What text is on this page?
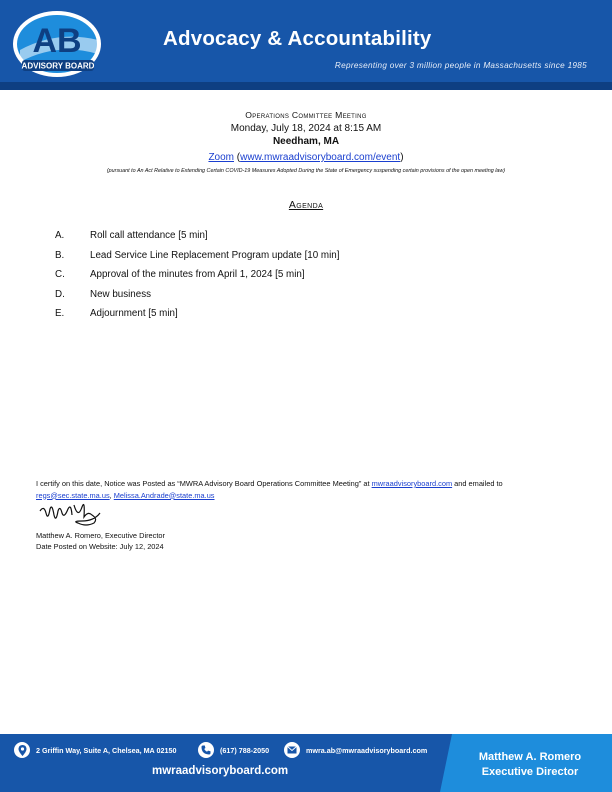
AB
ADVISORY BOARD
Advocacy & Accountability
Representing over 3 million people in Massachusetts since 1985
Operations Committee Meeting
Monday, July 18, 2024 at 8:15 AM
Needham, MA
Zoom (www.mwraadvisoryboard.com/event)
(pursuant to An Act Relative to Extending Certain COVID-19 Measures Adopted During the State of Emergency suspending certain provisions of the open meeting law)
Agenda
A.	Roll call attendance [5 min]
B.	Lead Service Line Replacement Program update [10 min]
C.	Approval of the minutes from April 1, 2024 [5 min]
D.	New business
E.	Adjournment [5 min]
I certify on this date, Notice was Posted as “MWRA Advisory Board Operations Committee Meeting” at mwraadvisoryboard.com and emailed to
regs@sec.state.ma.us, Melissa.Andrade@state.ma.us
Matthew A. Romero, Executive Director
Date Posted on Website: July 12, 2024
2 Griffin Way, Suite A, Chelsea, MA 02150	(617) 788-2050	mwra.ab@mwraadvisoryboard.com
mwraadvisoryboard.com
Matthew A. Romero
Executive Director
